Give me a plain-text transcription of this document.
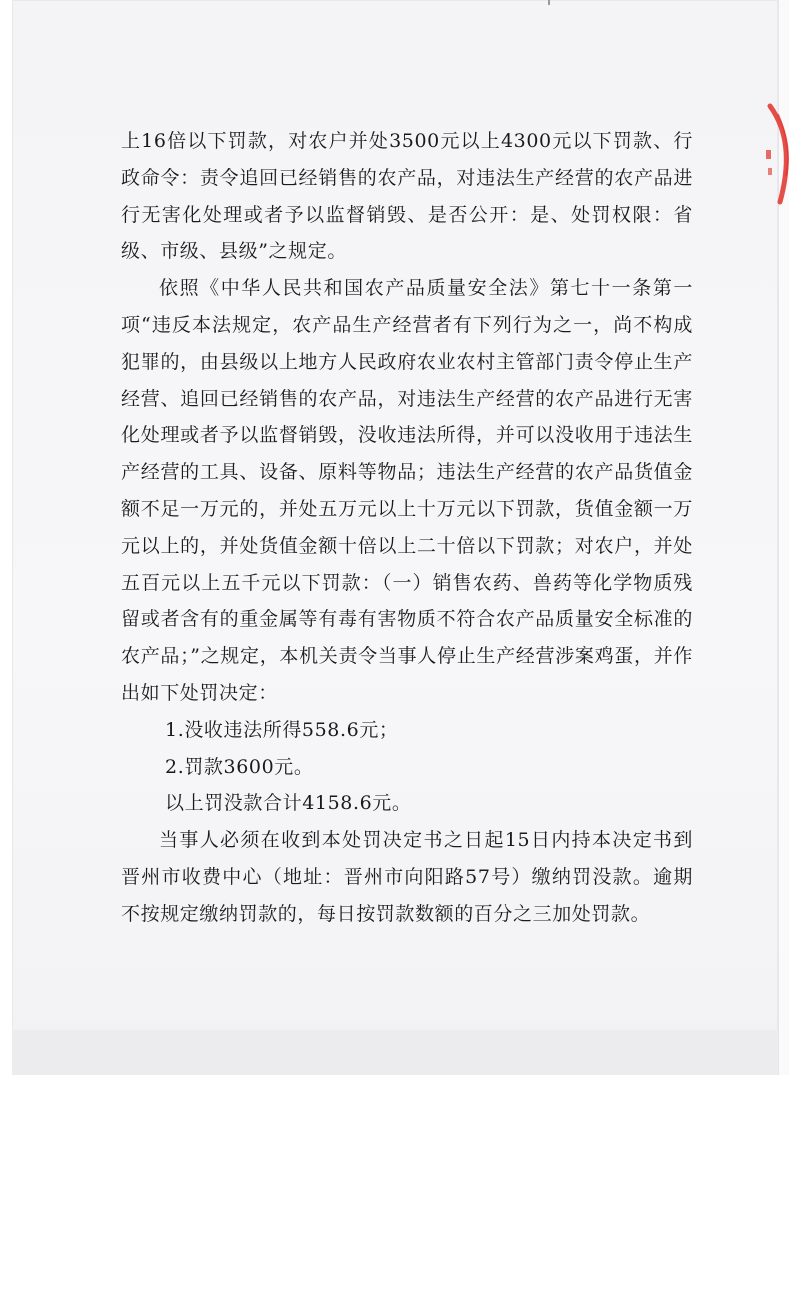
上16倍以下罚款，对农户并处3500元以上4300元以下罚款、行政命令：责令追回已经销售的农产品，对违法生产经营的农产品进行无害化处理或者予以监督销毁、是否公开：是、处罚权限：省级、市级、县级”之规定。

依照《中华人民共和国农产品质量安全法》第七十一条第一项“违反本法规定，农产品生产经营者有下列行为之一，尚不构成犯罪的，由县级以上地方人民政府农业农村主管部门责令停止生产经营、追回已经销售的农产品，对违法生产经营的农产品进行无害化处理或者予以监督销毁，没收违法所得，并可以没收用于违法生产经营的工具、设备、原料等物品；违法生产经营的农产品货值金额不足一万元的，并处五万元以上十万元以下罚款，货值金额一万元以上的，并处货值金额十倍以上二十倍以下罚款；对农户，并处五百元以上五千元以下罚款：（一）销售农药、兽药等化学物质残留或者含有的重金属等有毒有害物质不符合农产品质量安全标准的农产品；”之规定，本机关责令当事人停止生产经营涉案鸡蛋，并作出如下处罚决定：

1.没收违法所得558.6元；

2.罚款3600元。

以上罚没款合计4158.6元。

当事人必须在收到本处罚决定书之日起15日内持本决定书到晋州市收费中心（地址：晋州市向阳路57号）缴纳罚没款。逾期不按规定缴纳罚款的，每日按罚款数额的百分之三加处罚款。
